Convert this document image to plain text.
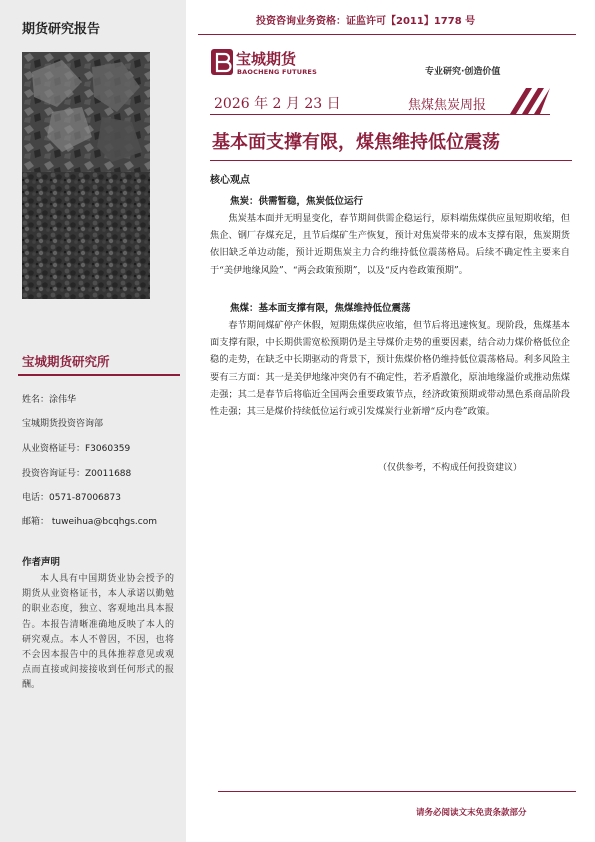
期货研究报告
宝城期货研究所
姓名：涂伟华
宝城期货投资咨询部
从业资格证号：F3060359
投资咨询证号：Z0011688
电话：0571-87006873
邮箱： tuweihua@bcqhgs.com
作者声明
本人具有中国期货业协会授予的期货从业资格证书，本人承诺以勤勉的职业态度，独立、客观地出具本报告。本报告清晰准确地反映了本人的研究观点。本人不曾因，不因，也将不会因本报告中的具体推荐意见或观点而直接或间接接收到任何形式的报酬。
投资咨询业务资格：证监许可【2011】1778 号
宝城期货
BAOCHENG FUTURES	专业研究·创造价值
2026 年 2 月 23 日	焦煤焦炭周报
基本面支撑有限，煤焦维持低位震荡
核心观点
焦炭：供需暂稳，焦炭低位运行
焦炭基本面并无明显变化，春节期间供需企稳运行，原料端焦煤供应虽短期收缩，但焦企、钢厂存煤充足，且节后煤矿生产恢复，预计对焦炭带来的成本支撑有限，焦炭期货依旧缺乏单边动能，预计近期焦炭主力合约维持低位震荡格局。后续不确定性主要来自于“美伊地缘风险”、“两会政策预期”，以及“反内卷政策预期”。
焦煤：基本面支撑有限，焦煤维持低位震荡
春节期间煤矿停产休假，短期焦煤供应收缩，但节后将迅速恢复。现阶段，焦煤基本面支撑有限，中长期供需宽松预期仍是主导煤价走势的重要因素，结合动力煤价格低位企稳的走势，在缺乏中长期驱动的背景下，预计焦煤价格仍维持低位震荡格局。利多风险主要有三方面：其一是美伊地缘冲突仍有不确定性，若矛盾激化，原油地缘溢价或推动焦煤走强；其二是春节后将临近全国两会重要政策节点，经济政策预期或带动黑色系商品阶段性走强；其三是煤价持续低位运行或引发煤炭行业新增“反内卷”政策。
（仅供参考，不构成任何投资建议）
请务必阅读文末免责条款部分
